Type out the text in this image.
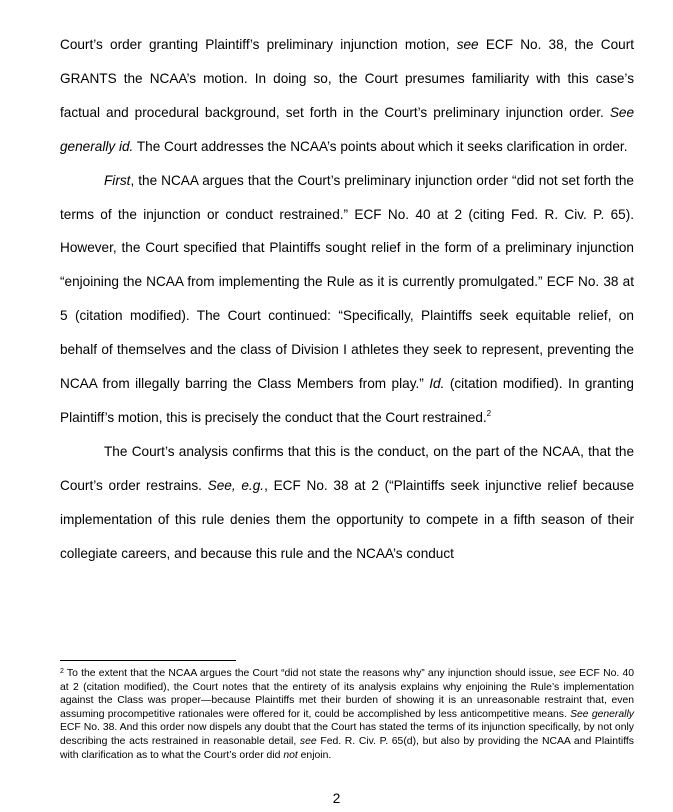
Court’s order granting Plaintiff’s preliminary injunction motion, see ECF No. 38, the Court GRANTS the NCAA’s motion. In doing so, the Court presumes familiarity with this case’s factual and procedural background, set forth in the Court’s preliminary injunction order. See generally id. The Court addresses the NCAA’s points about which it seeks clarification in order.

First, the NCAA argues that the Court’s preliminary injunction order “did not set forth the terms of the injunction or conduct restrained.” ECF No. 40 at 2 (citing Fed. R. Civ. P. 65). However, the Court specified that Plaintiffs sought relief in the form of a preliminary injunction “enjoining the NCAA from implementing the Rule as it is currently promulgated.” ECF No. 38 at 5 (citation modified). The Court continued: “Specifically, Plaintiffs seek equitable relief, on behalf of themselves and the class of Division I athletes they seek to represent, preventing the NCAA from illegally barring the Class Members from play.” Id. (citation modified). In granting Plaintiff’s motion, this is precisely the conduct that the Court restrained.$^2$

The Court’s analysis confirms that this is the conduct, on the part of the NCAA, that the Court’s order restrains. See, e.g., ECF No. 38 at 2 (“Plaintiffs seek injunctive relief because implementation of this rule denies them the opportunity to compete in a fifth season of their collegiate careers, and because this rule and the NCAA’s conduct

$^2$ To the extent that the NCAA argues the Court “did not state the reasons why” any injunction should issue, see ECF No. 40 at 2 (citation modified), the Court notes that the entirety of its analysis explains why enjoining the Rule’s implementation against the Class was proper—because Plaintiffs met their burden of showing it is an unreasonable restraint that, even assuming procompetitive rationales were offered for it, could be accomplished by less anticompetitive means. See generally ECF No. 38. And this order now dispels any doubt that the Court has stated the terms of its injunction specifically, by not only describing the acts restrained in reasonable detail, see Fed. R. Civ. P. 65(d), but also by providing the NCAA and Plaintiffs with clarification as to what the Court’s order did not enjoin.

2
